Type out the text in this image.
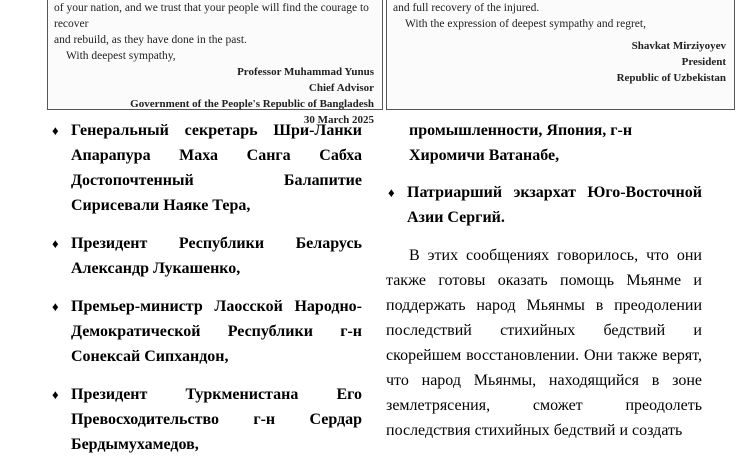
of your nation, and we trust that your people will find the courage to recover

and rebuild, as they have done in the past.

With deepest sympathy,

Professor Muhammad Yunus
Chief Advisor
Government of the People's Republic of Bangladesh
30 March 2025

and full recovery of the injured.

With the expression of deepest sympathy and regret,

Shavkat Mirziyoyev
President
Republic of Uzbekistan
♦ Генеральный секретарь Шри-Ланки Апарапура Маха Санга Сабха Достопочтенный Балапитие Сирисевали Наяке Тера,
♦ Президент Республики Беларусь Александр Лукашенко,
♦ Премьер-министр Лаосской Народно-Демократической Республики г-н Сонексай Сипхандон,
♦ Президент Туркменистана Его Превосходительство г-н Сердар Бердымухамедов,
промышленности, Япония, г-н Хиромичи Ватанабе,
♦ Патриарший экзархат Юго-Восточной Азии Сергий.

В этих сообщениях говорилось, что они также готовы оказать помощь Мьянме и поддержать народ Мьянмы в преодолении последствий стихийных бедствий и скорейшем восстановлении. Они также верят, что народ Мьянмы, находящийся в зоне землетрясения, сможет преодолеть последствия стихийных бедствий и создать
